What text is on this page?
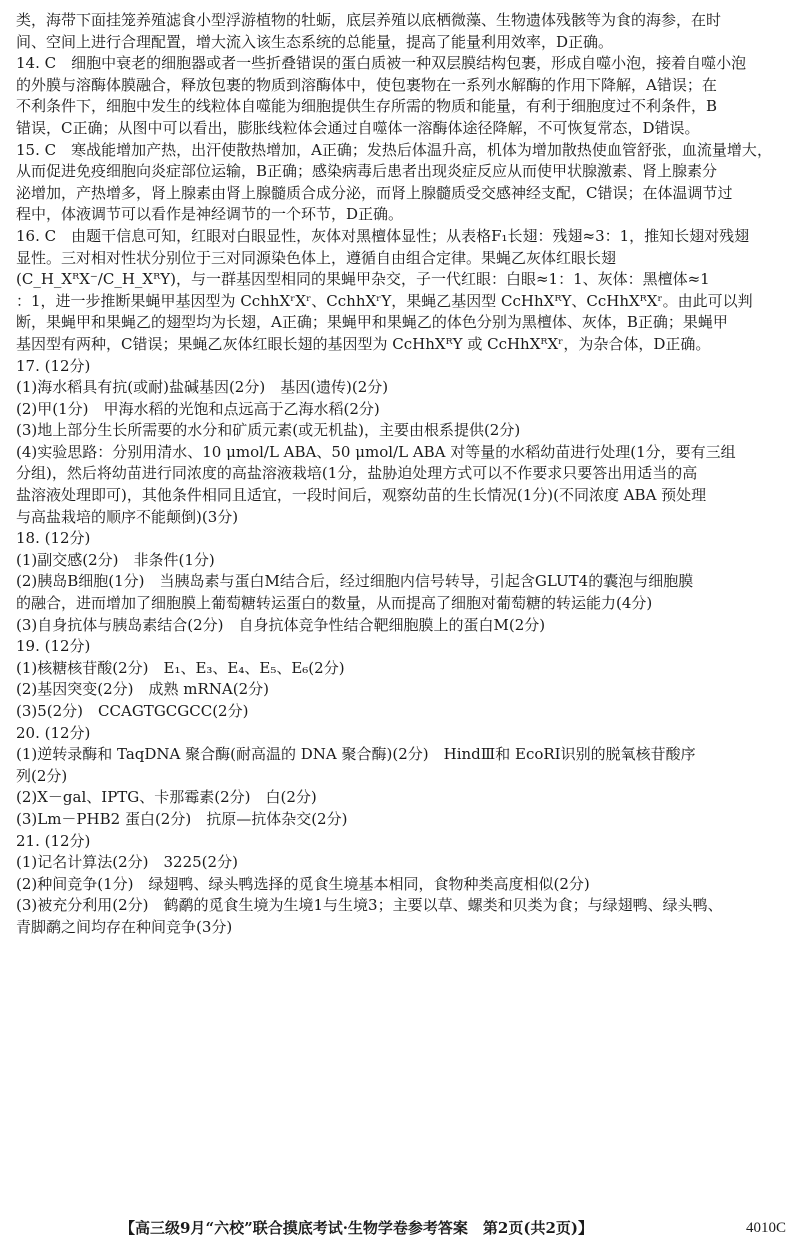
类，海带下面挂笼养殖滤食小型浮游植物的牡蛎，底层养殖以底栖微藻、生物遗体残骸等为食的海参，在时

间、空间上进行合理配置，增大流入该生态系统的总能量，提高了能量利用效率，D正确。

14. C　细胞中衰老的细胞器或者一些折叠错误的蛋白质被一种双层膜结构包裹，形成自噬小泡，接着自噬小泡

的外膜与溶酶体膜融合，释放包裹的物质到溶酶体中，使包裹物在一系列水解酶的作用下降解，A错误；在

不利条件下，细胞中发生的线粒体自噬能为细胞提供生存所需的物质和能量，有利于细胞度过不利条件，B

错误，C正确；从图中可以看出，膨胀线粒体会通过自噬体一溶酶体途径降解，不可恢复常态，D错误。

15. C　寒战能增加产热，出汗使散热增加，A正确；发热后体温升高，机体为增加散热使血管舒张，血流量增大，

从而促进免疫细胞向炎症部位运输，B正确；感染病毒后患者出现炎症反应从而使甲状腺激素、肾上腺素分

泌增加，产热增多，肾上腺素由肾上腺髓质合成分泌，而肾上腺髓质受交感神经支配，C错误；在体温调节过

程中，体液调节可以看作是神经调节的一个环节，D正确。

16. C　由题干信息可知，红眼对白眼显性，灰体对黑檀体显性；从表格F₁长翅：残翅≈3：1，推知长翅对残翅

显性。三对相对性状分别位于三对同源染色体上，遵循自由组合定律。果蝇乙灰体红眼长翅

(C_H_XᴿX⁻/C_H_XᴿY)，与一群基因型相同的果蝇甲杂交，子一代红眼：白眼≈1：1、灰体：黑檀体≈1

：1，进一步推断果蝇甲基因型为 CchhXʳXʳ、CchhXʳY，果蝇乙基因型 CcHhXᴿY、CcHhXᴿXʳ。由此可以判

断，果蝇甲和果蝇乙的翅型均为长翅，A正确；果蝇甲和果蝇乙的体色分别为黑檀体、灰体，B正确；果蝇甲

基因型有两种，C错误；果蝇乙灰体红眼长翅的基因型为 CcHhXᴿY 或 CcHhXᴿXʳ，为杂合体，D正确。

17. (12分)

(1)海水稻具有抗(或耐)盐碱基因(2分)　基因(遗传)(2分)

(2)甲(1分)　甲海水稻的光饱和点远高于乙海水稻(2分)

(3)地上部分生长所需要的水分和矿质元素(或无机盐)，主要由根系提供(2分)

(4)实验思路：分别用清水、10 μmol/L ABA、50 μmol/L ABA 对等量的水稻幼苗进行处理(1分，要有三组

分组)，然后将幼苗进行同浓度的高盐溶液栽培(1分，盐胁迫处理方式可以不作要求只要答出用适当的高

盐溶液处理即可)，其他条件相同且适宜，一段时间后，观察幼苗的生长情况(1分)(不同浓度 ABA 预处理

与高盐栽培的顺序不能颠倒)(3分)

18. (12分)

(1)副交感(2分)　非条件(1分)

(2)胰岛B细胞(1分)　当胰岛素与蛋白M结合后，经过细胞内信号转导，引起含GLUT4的囊泡与细胞膜

的融合，进而增加了细胞膜上葡萄糖转运蛋白的数量，从而提高了细胞对葡萄糖的转运能力(4分)

(3)自身抗体与胰岛素结合(2分)　自身抗体竞争性结合靶细胞膜上的蛋白M(2分)

19. (12分)

(1)核糖核苷酸(2分)　E₁、E₃、E₄、E₅、E₆(2分)

(2)基因突变(2分)　成熟 mRNA(2分)

(3)5(2分)　CCAGTGCGCC(2分)

20. (12分)

(1)逆转录酶和 TaqDNA 聚合酶(耐高温的 DNA 聚合酶)(2分)　HindⅢ和 EcoRⅠ识别的脱氧核苷酸序

列(2分)

(2)X－gal、IPTG、卡那霉素(2分)　白(2分)

(3)Lm－PHB2 蛋白(2分)　抗原—抗体杂交(2分)

21. (12分)

(1)记名计算法(2分)　3225(2分)

(2)种间竞争(1分)　绿翅鸭、绿头鸭选择的觅食生境基本相同，食物种类高度相似(2分)

(3)被充分利用(2分)　鹤鹬的觅食生境为生境1与生境3；主要以草、螺类和贝类为食；与绿翅鸭、绿头鸭、

青脚鹬之间均存在种间竞争(3分)

【高三级9月“六校”联合摸底考试·生物学卷参考答案　第2页(共2页)】	4010C
